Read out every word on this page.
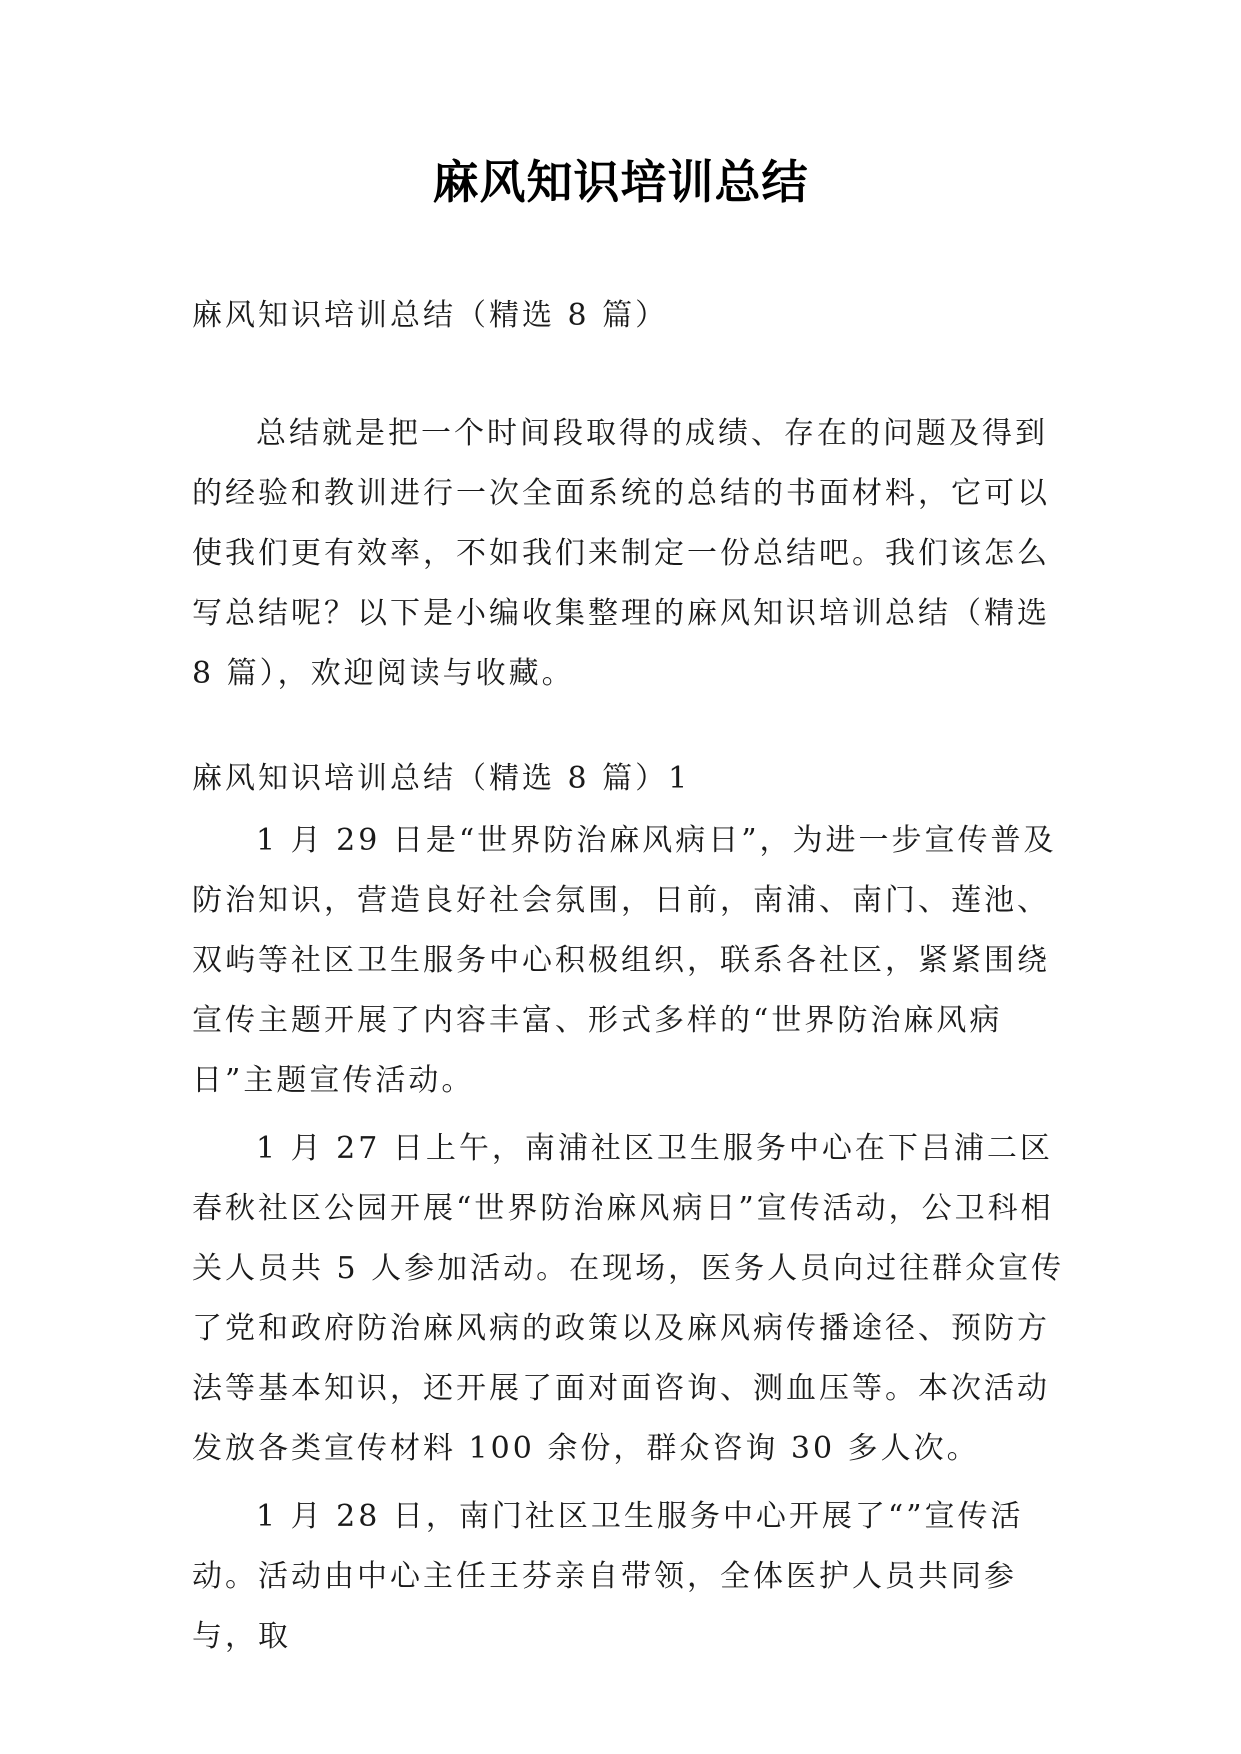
麻风知识培训总结
麻风知识培训总结（精选 8 篇）

总结就是把一个时间段取得的成绩、存在的问题及得到的经验和教训进行一次全面系统的总结的书面材料，它可以使我们更有效率，不如我们来制定一份总结吧。我们该怎么写总结呢？以下是小编收集整理的麻风知识培训总结（精选 8 篇），欢迎阅读与收藏。

麻风知识培训总结（精选 8 篇）1

1 月 29 日是“世界防治麻风病日”，为进一步宣传普及防治知识，营造良好社会氛围，日前，南浦、南门、莲池、双屿等社区卫生服务中心积极组织，联系各社区，紧紧围绕宣传主题开展了内容丰富、形式多样的“世界防治麻风病日”主题宣传活动。

1 月 27 日上午，南浦社区卫生服务中心在下吕浦二区春秋社区公园开展“世界防治麻风病日”宣传活动，公卫科相关人员共 5 人参加活动。在现场，医务人员向过往群众宣传了党和政府防治麻风病的政策以及麻风病传播途径、预防方法等基本知识，还开展了面对面咨询、测血压等。本次活动发放各类宣传材料 100 余份，群众咨询 30 多人次。

1 月 28 日，南门社区卫生服务中心开展了“”宣传活动。活动由中心主任王芬亲自带领，全体医护人员共同参与，取
